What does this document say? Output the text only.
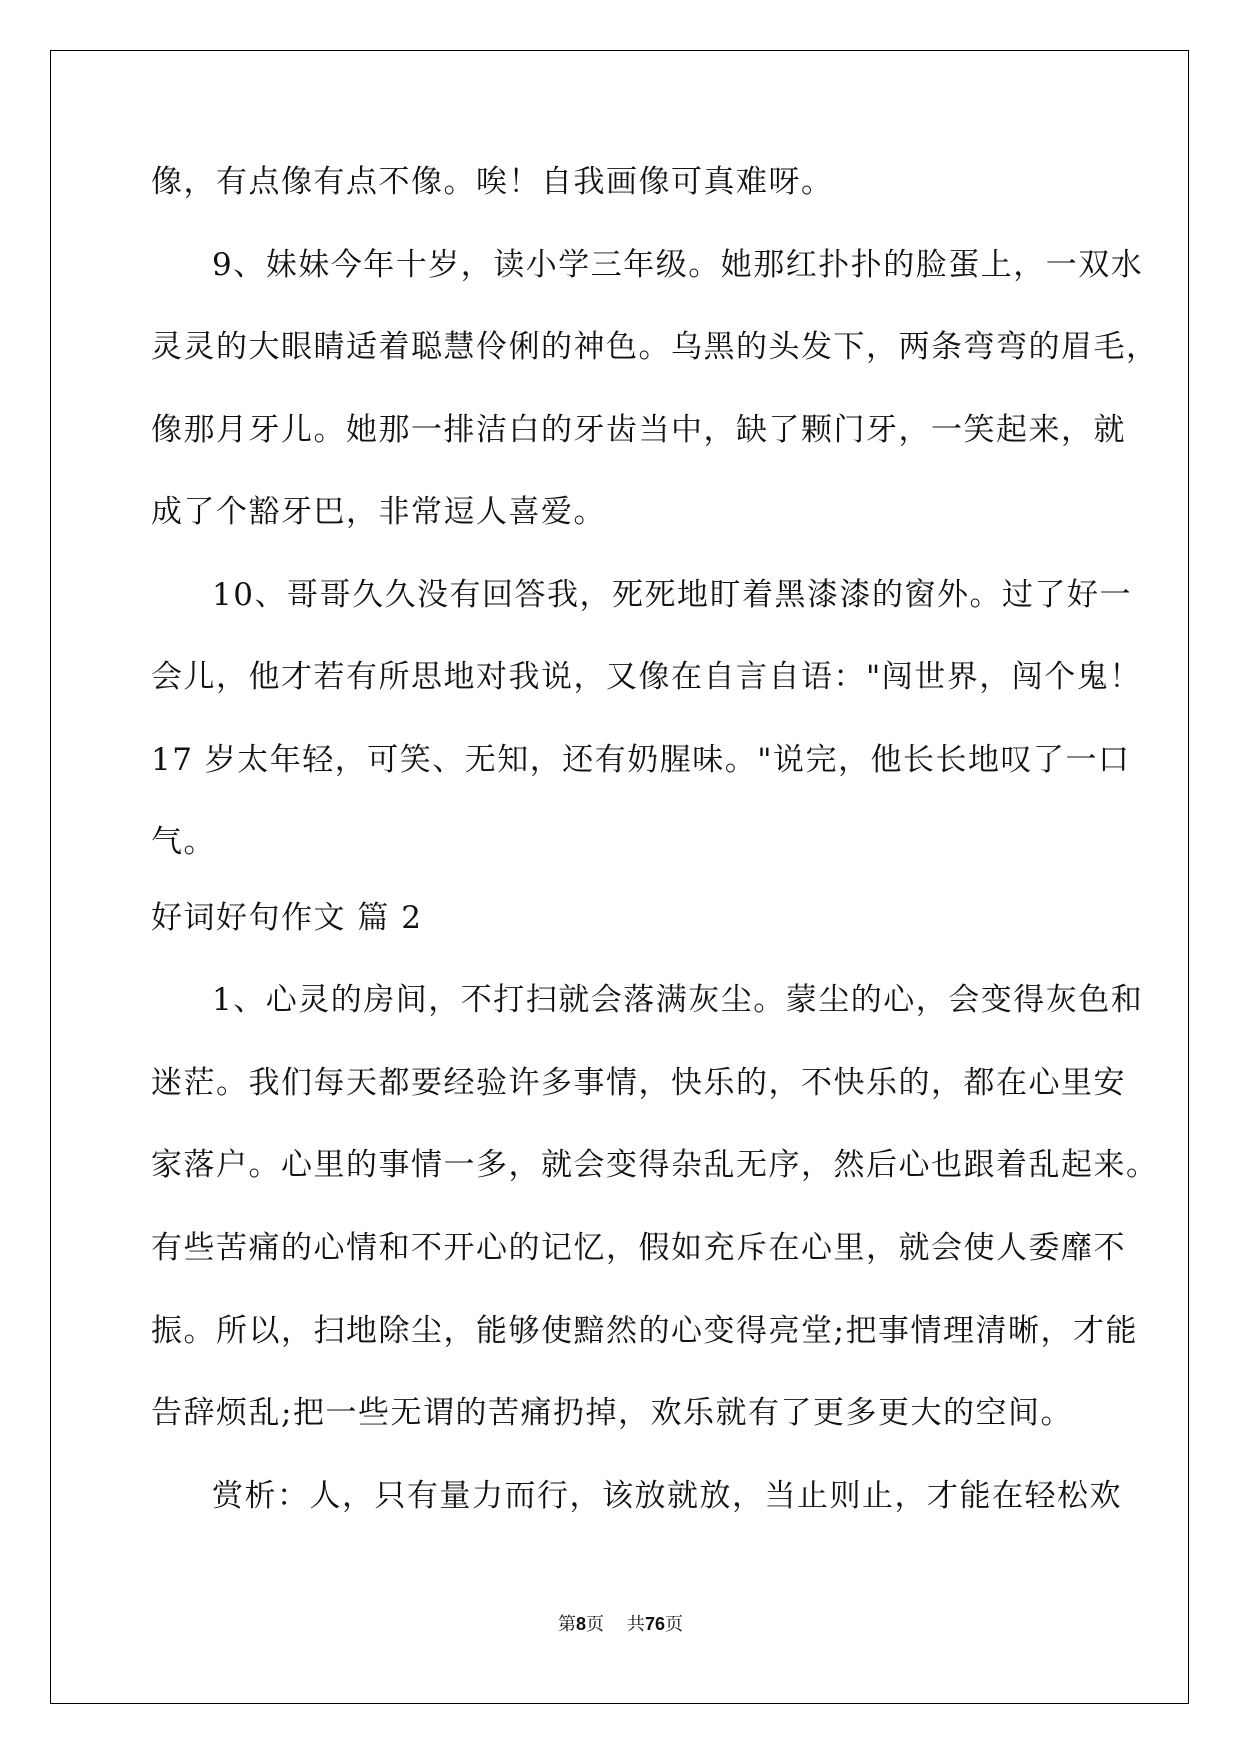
像，有点像有点不像。唉！自我画像可真难呀。

9、妹妹今年十岁，读小学三年级。她那红扑扑的脸蛋上，一双水

灵灵的大眼睛适着聪慧伶俐的神色。乌黑的头发下，两条弯弯的眉毛，

像那月牙儿。她那一排洁白的牙齿当中，缺了颗门牙，一笑起来，就

成了个豁牙巴，非常逗人喜爱。

10、哥哥久久没有回答我，死死地盯着黑漆漆的窗外。过了好一

会儿，他才若有所思地对我说，又像在自言自语："闯世界，闯个鬼！

17 岁太年轻，可笑、无知，还有奶腥味。"说完，他长长地叹了一口

气。

好词好句作文 篇 2

1、心灵的房间，不打扫就会落满灰尘。蒙尘的心，会变得灰色和

迷茫。我们每天都要经验许多事情，快乐的，不快乐的，都在心里安

家落户。心里的事情一多，就会变得杂乱无序，然后心也跟着乱起来。

有些苦痛的心情和不开心的记忆，假如充斥在心里，就会使人委靡不

振。所以，扫地除尘，能够使黯然的心变得亮堂;把事情理清晰，才能

告辞烦乱;把一些无谓的苦痛扔掉，欢乐就有了更多更大的空间。

赏析：人，只有量力而行，该放就放，当止则止，才能在轻松欢

第8页    共76页
